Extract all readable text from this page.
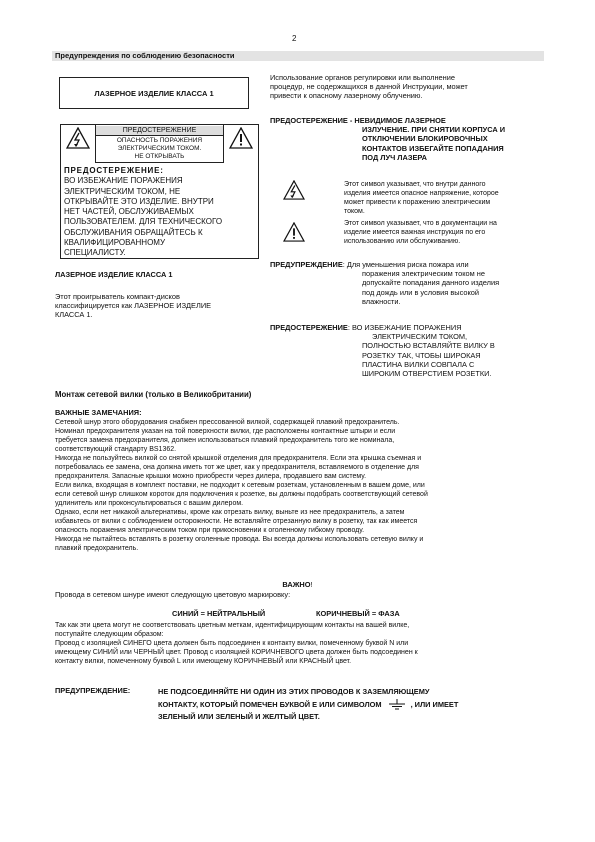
2
Предупреждения по соблюдению безопасности
ЛАЗЕРНОЕ ИЗДЕЛИЕ КЛАССА 1
ПРЕДОСТЕРЕЖЕНИЕ
ОПАСНОСТЬ ПОРАЖЕНИЯ
ЭЛЕКТРИЧЕСКИМ ТОКОМ.
НЕ ОТКРЫВАТЬ
ПРЕДОСТЕРЕЖЕНИЕ:
ВО ИЗБЕЖАНИЕ ПОРАЖЕНИЯ
ЭЛЕКТРИЧЕСКИМ ТОКОМ, НЕ
ОТКРЫВАЙТЕ ЭТО ИЗДЕЛИЕ. ВНУТРИ
НЕТ ЧАСТЕЙ, ОБСЛУЖИВАЕМЫХ
ПОЛЬЗОВАТЕЛЕМ. ДЛЯ ТЕХНИЧЕСКОГО
ОБСЛУЖИВАНИЯ ОБРАЩАЙТЕСЬ К
КВАЛИФИЦИРОВАННОМУ
СПЕЦИАЛИСТУ.
ЛАЗЕРНОЕ ИЗДЕЛИЕ КЛАССА 1
Этот проигрыватель компакт-дисков
классифицируется как ЛАЗЕРНОЕ ИЗДЕЛИЕ
КЛАССА 1.
Использование органов регулировки или выполнение
процедур, не содержащихся в данной Инструкции, может
привести к опасному лазерному облучению.
ПРЕДОСТЕРЕЖЕНИЕ - НЕВИДИМОЕ ЛАЗЕРНОЕ
ИЗЛУЧЕНИЕ. ПРИ СНЯТИИ КОРПУСА И
ОТКЛЮЧЕНИИ БЛОКИРОВОЧНЫХ
КОНТАКТОВ ИЗБЕГАЙТЕ ПОПАДАНИЯ
ПОД ЛУЧ ЛАЗЕРА
Этот символ указывает, что внутри данного
изделия имеется опасное напряжение, которое
может привести к поражению электрическим
током.
Этот символ указывает, что в документации на
изделие имеется важная инструкция по его
использованию или обслуживанию.
ПРЕДУПРЕЖДЕНИЕ: Для уменьшения риска пожара или
поражения электрическим током не
допускайте попадания данного изделия
под дождь или в условия высокой
влажности.
ПРЕДОСТЕРЕЖЕНИЕ: ВО ИЗБЕЖАНИЕ ПОРАЖЕНИЯ
ЭЛЕКТРИЧЕСКИМ ТОКОМ,
ПОЛНОСТЬЮ ВСТАВЛЯЙТЕ ВИЛКУ В
РОЗЕТКУ ТАК, ЧТОБЫ ШИРОКАЯ
ПЛАСТИНА ВИЛКИ СОВПАЛА С
ШИРОКИМ ОТВЕРСТИЕМ РОЗЕТКИ.
Монтаж сетевой вилки (только в Великобритании)
ВАЖНЫЕ ЗАМЕЧАНИЯ:
Сетевой шнур этого оборудования снабжен прессованной вилкой, содержащей плавкий предохранитель.
Номинал предохранителя указан на той поверхности вилки, где расположены контактные штыри и если
требуется замена предохранителя, должен использоваться плавкий предохранитель того же номинала,
соответствующий стандарту BS1362.
Никогда не пользуйтесь вилкой со снятой крышкой отделения для предохранителя. Если эта крышка съемная и
потребовалась ее замена, она должна иметь тот же цвет, как у предохранителя, вставляемого в отделение для
предохранителя. Запасные крышки можно приобрести через дилера, продавшего вам систему.
Если вилка, входящая в комплект поставки, не подходит к сетевым розеткам, установленным в вашем доме, или
если сетевой шнур слишком короток для подключения к розетке, вы должны подобрать соответствующий сетевой
удлинитель или проконсультироваться с вашим дилером.
Однако, если нет никакой альтернативы, кроме как отрезать вилку, выньте из нее предохранитель, а затем
избавьтесь от вилки с соблюдением осторожности. Не вставляйте отрезанную вилку в розетку, так как имеется
опасность поражения электрическим током при прикосновении к оголенному гибкому проводу.
Никогда не пытайтесь вставлять в розетку оголенные провода. Вы всегда должны использовать сетевую вилку и
плавкий предохранитель.
ВАЖНО!
Провода в сетевом шнуре имеют следующую цветовую маркировку:
СИНИЙ = НЕЙТРАЛЬНЫЙ	КОРИЧНЕВЫЙ = ФАЗА
Так как эти цвета могут не соответствовать цветным меткам, идентифицирующим контакты на вашей вилке,
поступайте следующим образом:
Провод с изоляцией СИНЕГО цвета должен быть подсоединен к контакту вилки, помеченному буквой N или
имеющему СИНИЙ или ЧЕРНЫЙ цвет. Провод с изоляцией КОРИЧНЕВОГО цвета должен быть подсоединен к
контакту вилки, помеченному буквой L или имеющему КОРИЧНЕВЫЙ или КРАСНЫЙ цвет.
ПРЕДУПРЕЖДЕНИЕ:	НЕ ПОДСОЕДИНЯЙТЕ НИ ОДИН ИЗ ЭТИХ ПРОВОДОВ К ЗАЗЕМЛЯЮЩЕМУ
КОНТАКТУ, КОТОРЫЙ ПОМЕЧЕН БУКВОЙ Е ИЛИ СИМВОЛОМ	, ИЛИ ИМЕЕТ
ЗЕЛЕНЫЙ ИЛИ ЗЕЛЕНЫЙ И ЖЕЛТЫЙ ЦВЕТ.
